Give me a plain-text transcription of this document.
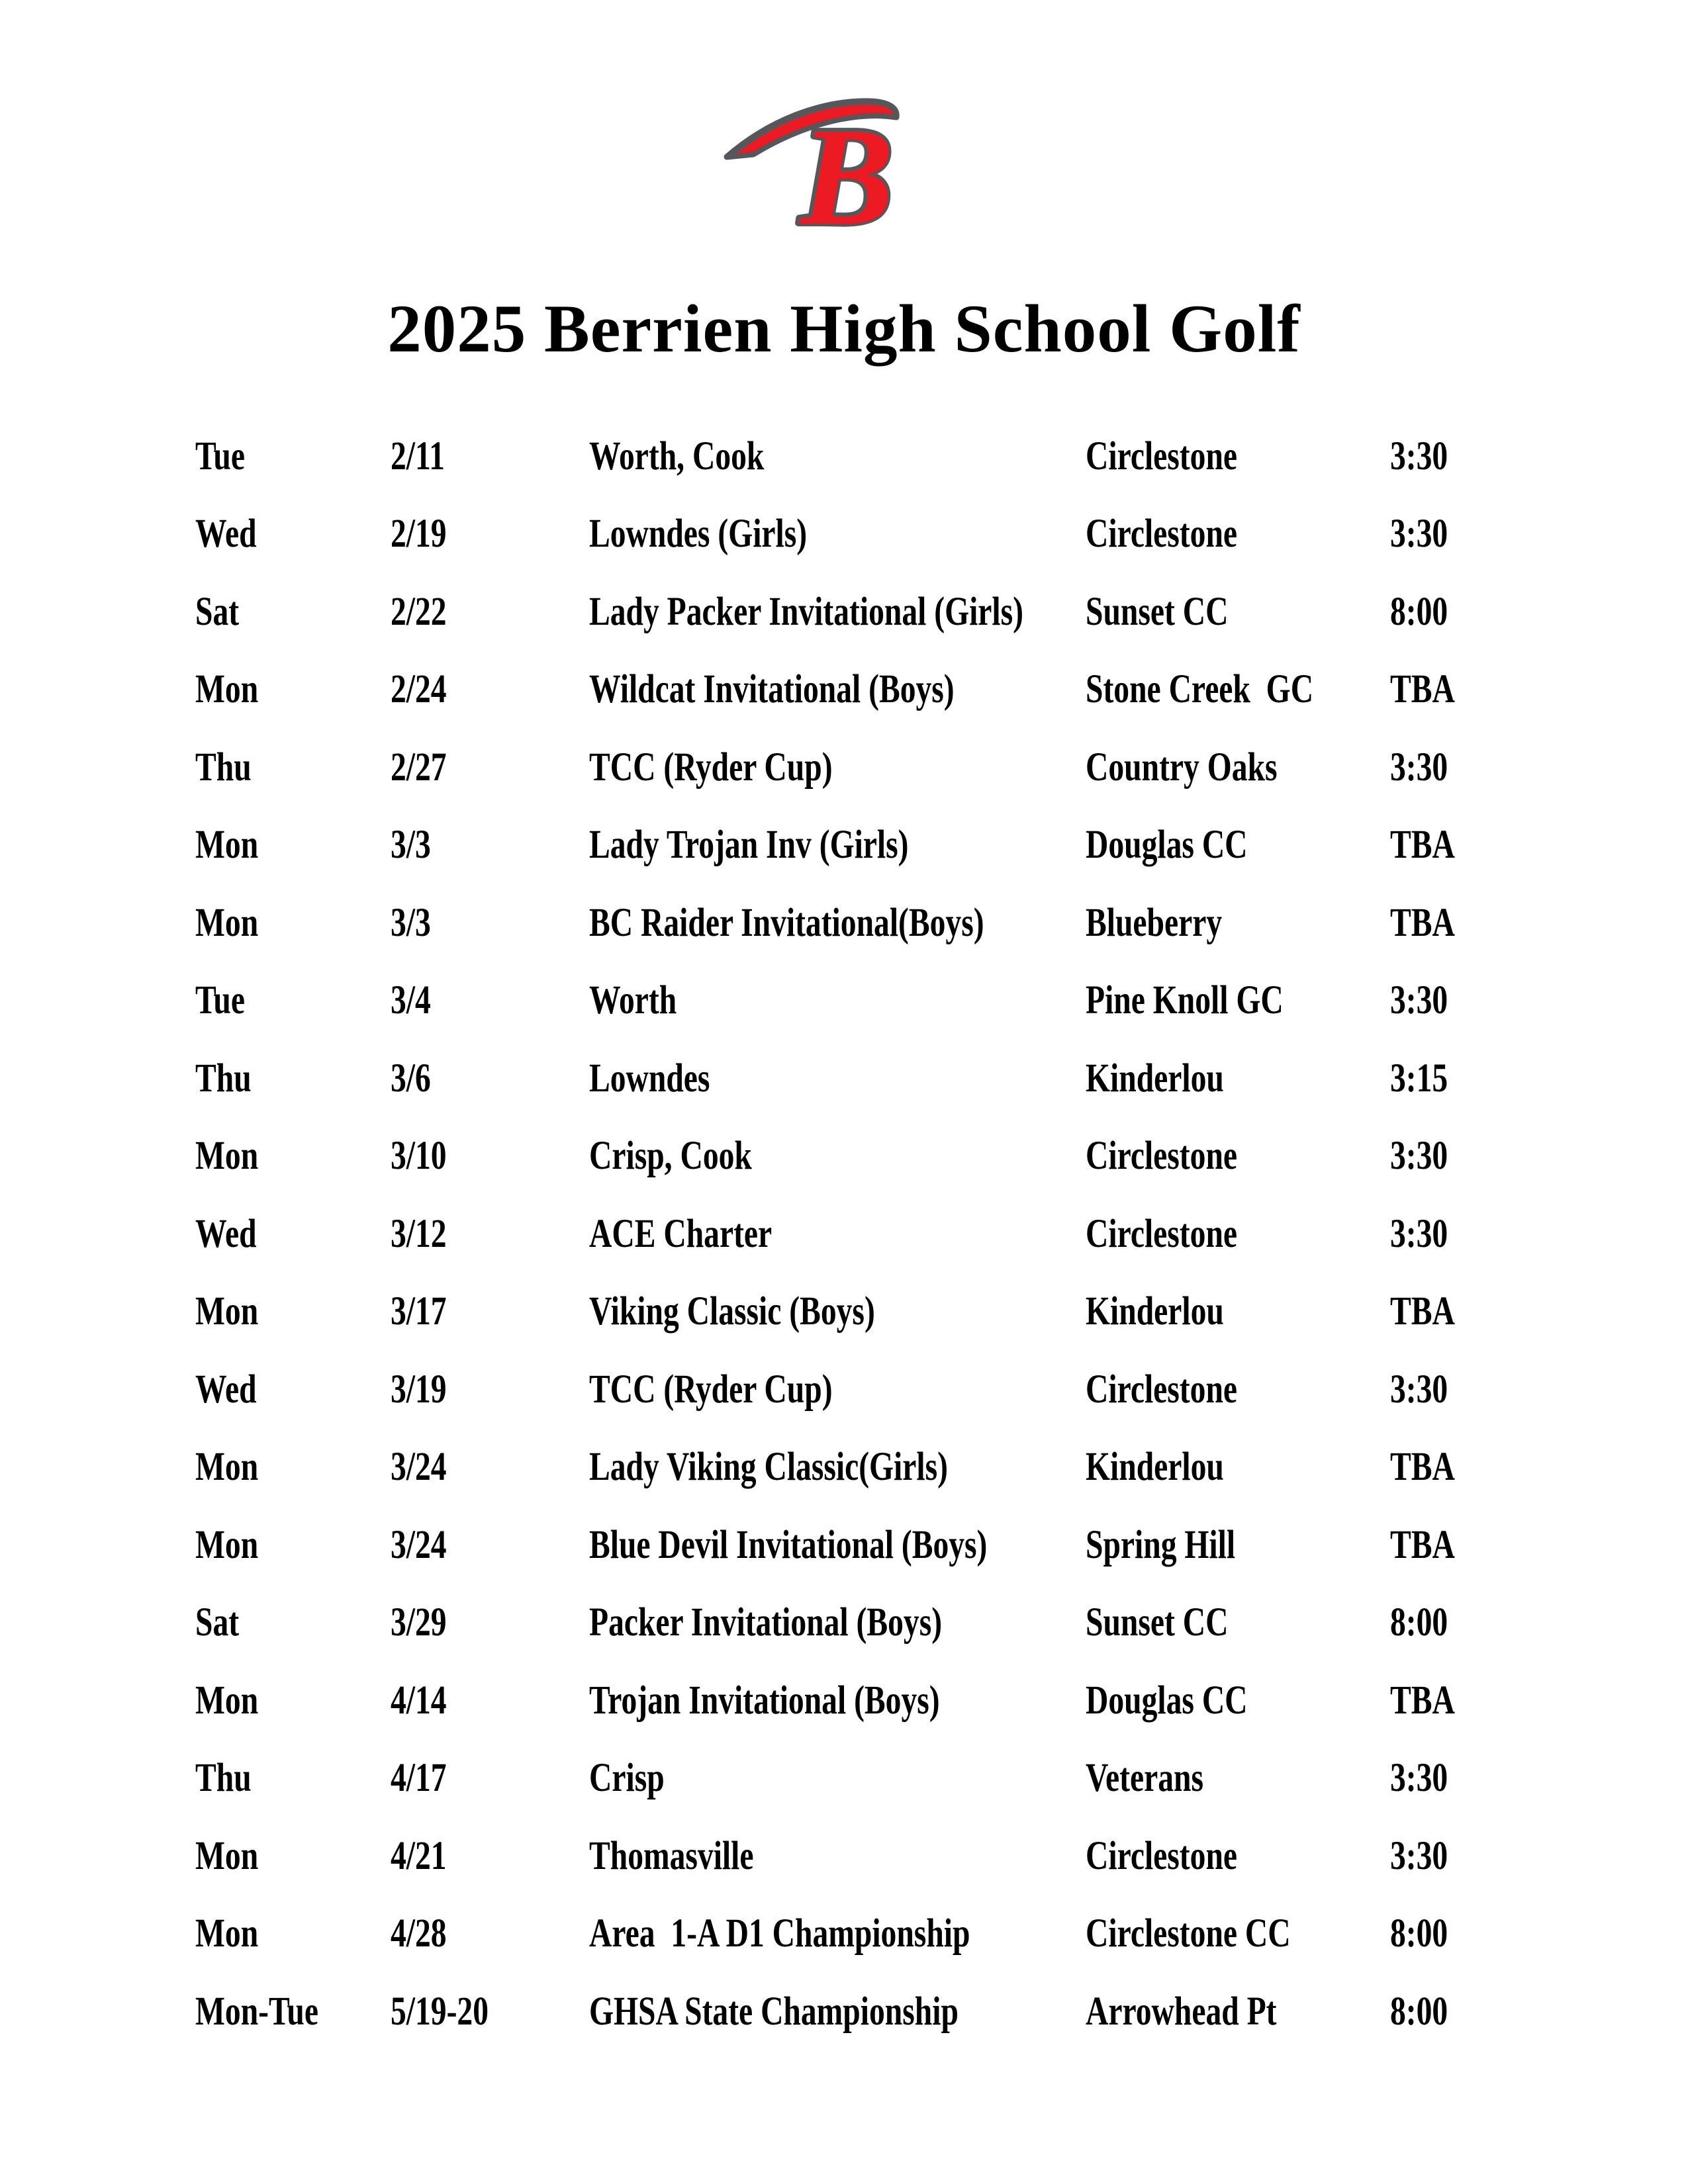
B
2025 Berrien High School Golf
Tue	2/11	Worth, Cook	Circlestone	3:30
Wed	2/19	Lowndes (Girls)	Circlestone	3:30
Sat	2/22	Lady Packer Invitational (Girls)	Sunset CC	8:00
Mon	2/24	Wildcat Invitational (Boys)	Stone Creek  GC	TBA
Thu	2/27	TCC (Ryder Cup)	Country Oaks	3:30
Mon	3/3	Lady Trojan Inv (Girls)	Douglas CC	TBA
Mon	3/3	BC Raider Invitational(Boys)	Blueberry	TBA
Tue	3/4	Worth	Pine Knoll GC	3:30
Thu	3/6	Lowndes	Kinderlou	3:15
Mon	3/10	Crisp, Cook	Circlestone	3:30
Wed	3/12	ACE Charter	Circlestone	3:30
Mon	3/17	Viking Classic (Boys)	Kinderlou	TBA
Wed	3/19	TCC (Ryder Cup)	Circlestone	3:30
Mon	3/24	Lady Viking Classic(Girls)	Kinderlou	TBA
Mon	3/24	Blue Devil Invitational (Boys)	Spring Hill	TBA
Sat	3/29	Packer Invitational (Boys)	Sunset CC	8:00
Mon	4/14	Trojan Invitational (Boys)	Douglas CC	TBA
Thu	4/17	Crisp	Veterans	3:30
Mon	4/21	Thomasville	Circlestone	3:30
Mon	4/28	Area  1-A D1 Championship	Circlestone CC	8:00
Mon-Tue	5/19-20	GHSA State Championship	Arrowhead Pt	8:00
